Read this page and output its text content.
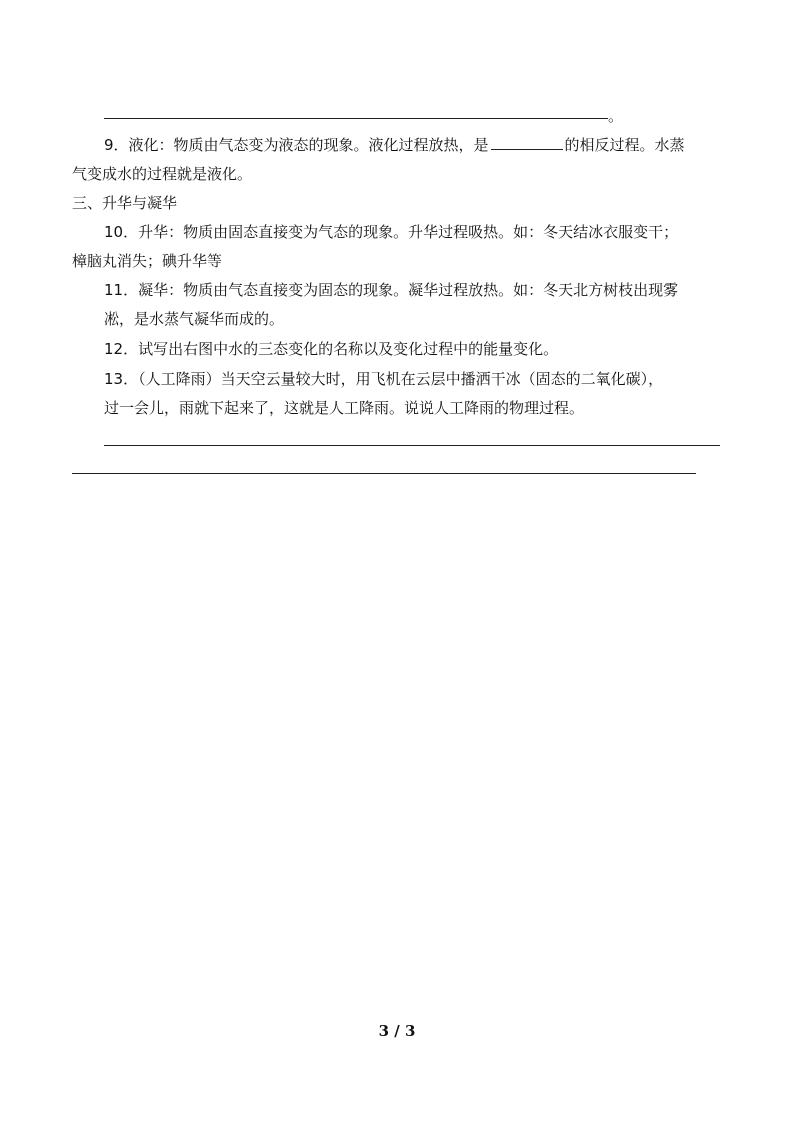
。
9．液化：物质由气态变为液态的现象。液化过程放热，是	的相反过程。水蒸
气变成水的过程就是液化。
三、升华与凝华
10．升华：物质由固态直接变为气态的现象。升华过程吸热。如：冬天结冰衣服变干；
樟脑丸消失；碘升华等
11．凝华：物质由气态直接变为固态的现象。凝华过程放热。如：冬天北方树枝出现雾
凇，是水蒸气凝华而成的。
12．试写出右图中水的三态变化的名称以及变化过程中的能量变化。
13．（人工降雨）当天空云量较大时，用飞机在云层中播洒干冰（固态的二氧化碳），
过一会儿，雨就下起来了，这就是人工降雨。说说人工降雨的物理过程。
3 / 3
